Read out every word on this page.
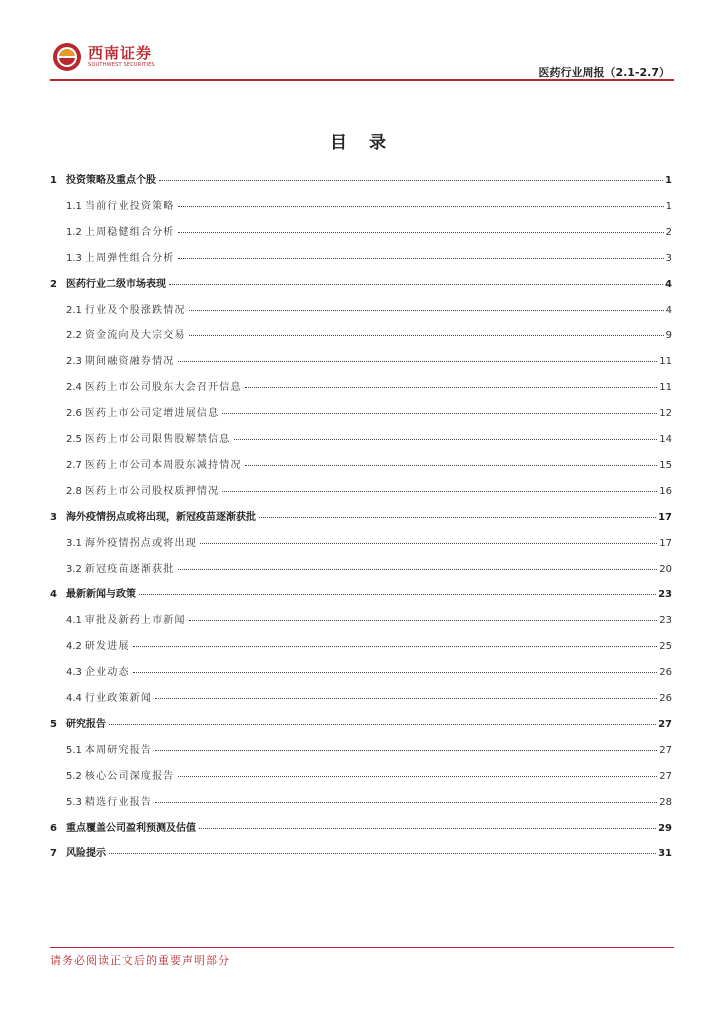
西南证券
SOUTHWEST SECURITIES
医药行业周报（2.1-2.7）
目 录
1 投资策略及重点个股	1
1.1 当前行业投资策略	1
1.2 上周稳健组合分析	2
1.3 上周弹性组合分析	3
2 医药行业二级市场表现	4
2.1 行业及个股涨跌情况	4
2.2 资金流向及大宗交易	9
2.3 期间融资融券情况	11
2.4 医药上市公司股东大会召开信息	11
2.6 医药上市公司定增进展信息	12
2.5 医药上市公司限售股解禁信息	14
2.7 医药上市公司本周股东减持情况	15
2.8 医药上市公司股权质押情况	16
3 海外疫情拐点或将出现，新冠疫苗逐渐获批	17
3.1 海外疫情拐点或将出现	17
3.2 新冠疫苗逐渐获批	20
4 最新新闻与政策	23
4.1 审批及新药上市新闻	23
4.2 研发进展	25
4.3 企业动态	26
4.4 行业政策新闻	26
5 研究报告	27
5.1 本周研究报告	27
5.2 核心公司深度报告	27
5.3 精选行业报告	28
6 重点覆盖公司盈利预测及估值	29
7 风险提示	31
请务必阅读正文后的重要声明部分
